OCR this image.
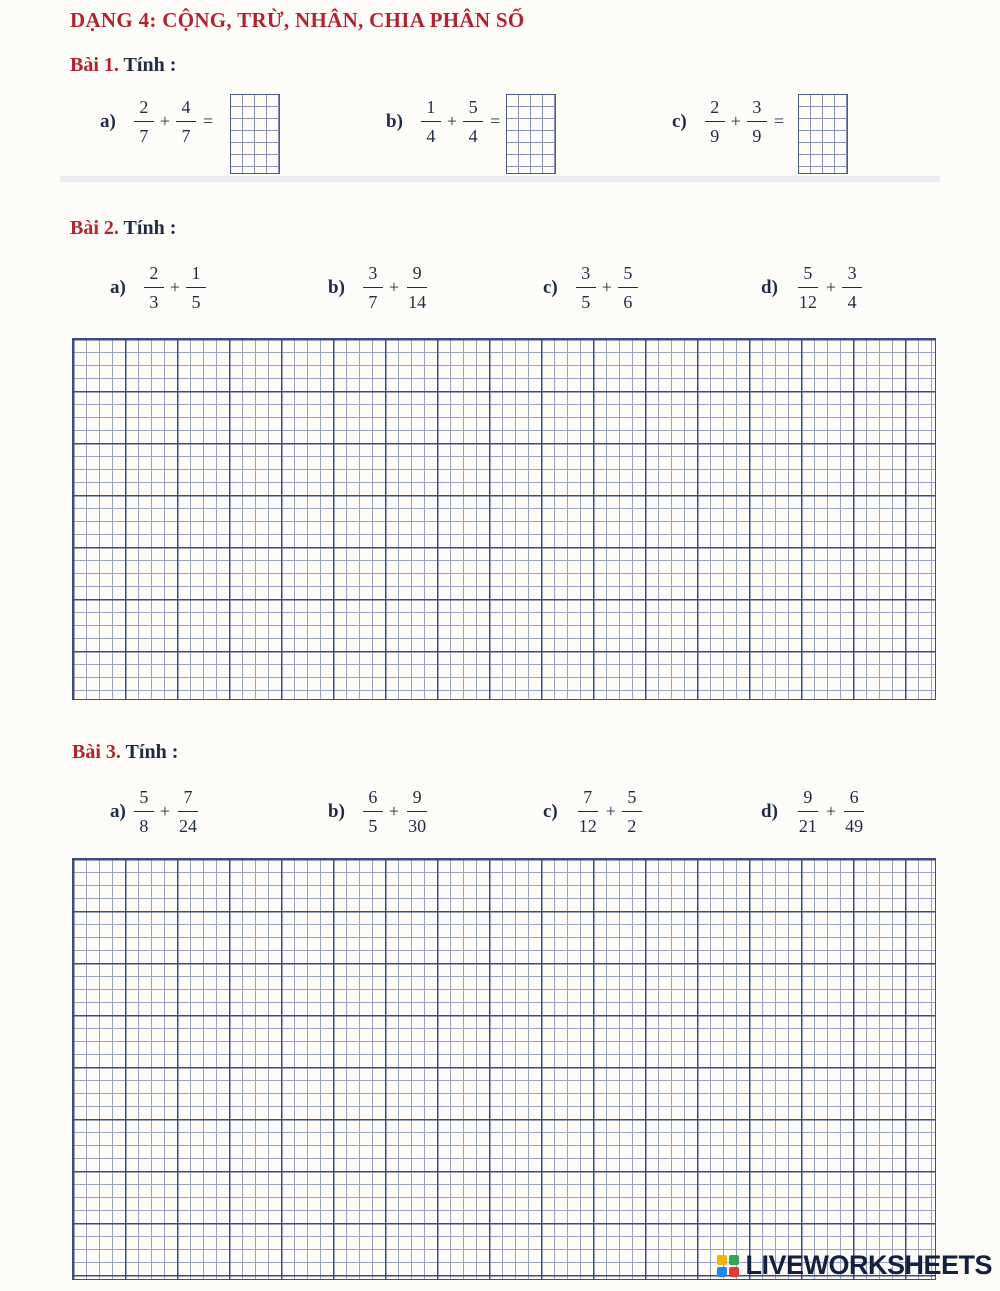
DẠNG 4: CỘNG, TRỪ, NHÂN, CHIA PHÂN SỐ
Bài 1. Tính :
$a) \frac{2}{7} + \frac{4}{7}$ =	$b) \frac{1}{4} + \frac{5}{4}$ =	$c) \frac{2}{9} + \frac{3}{9}$ =
Bài 2. Tính :
$a) \frac{2}{3} + \frac{1}{5}$	$b) \frac{3}{7} + \frac{9}{14}$	$c) \frac{3}{5} + \frac{5}{6}$	$d) \frac{5}{12} + \frac{3}{4}$
Bài 3. Tính :
$a) \frac{5}{8} + \frac{7}{24}$	$b) \frac{6}{5} + \frac{9}{30}$	$c) \frac{7}{12} + \frac{5}{2}$	$d) \frac{9}{21} + \frac{6}{49}$
LIVEWORKSHEETS
